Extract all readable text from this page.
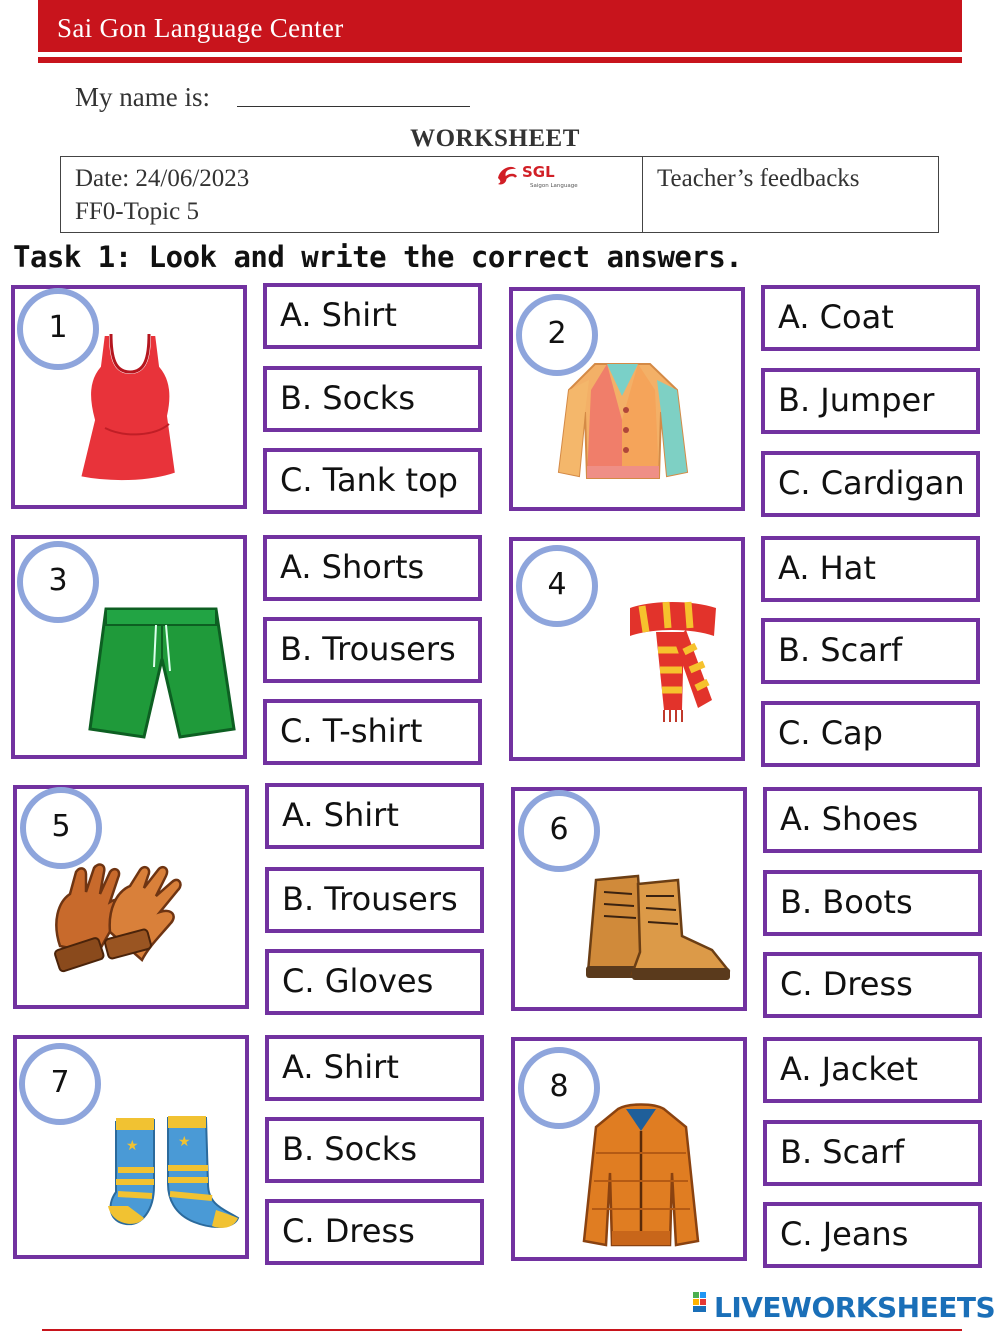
Sai Gon Language Center
My name is:
WORKSHEET
Date: 24/06/2023
FF0-Topic 5
Teacher’s feedbacks
SGL
Saigon Language
Task 1: Look and write the correct answers.
1	A. Shirt
B. Socks
C. Tank top
2	A. Coat
B. Jumper
C. Cardigan
3	A. Shorts
B. Trousers
C. T-shirt
4	A. Hat
B. Scarf
C. Cap
5	A. Shirt
B. Trousers
C. Gloves
6	A. Shoes
B. Boots
C. Dress
7
★	★
A. Shirt
B. Socks
C. Dress
8	A. Jacket
B. Scarf
C. Jeans
LIVEWORKSHEETS
